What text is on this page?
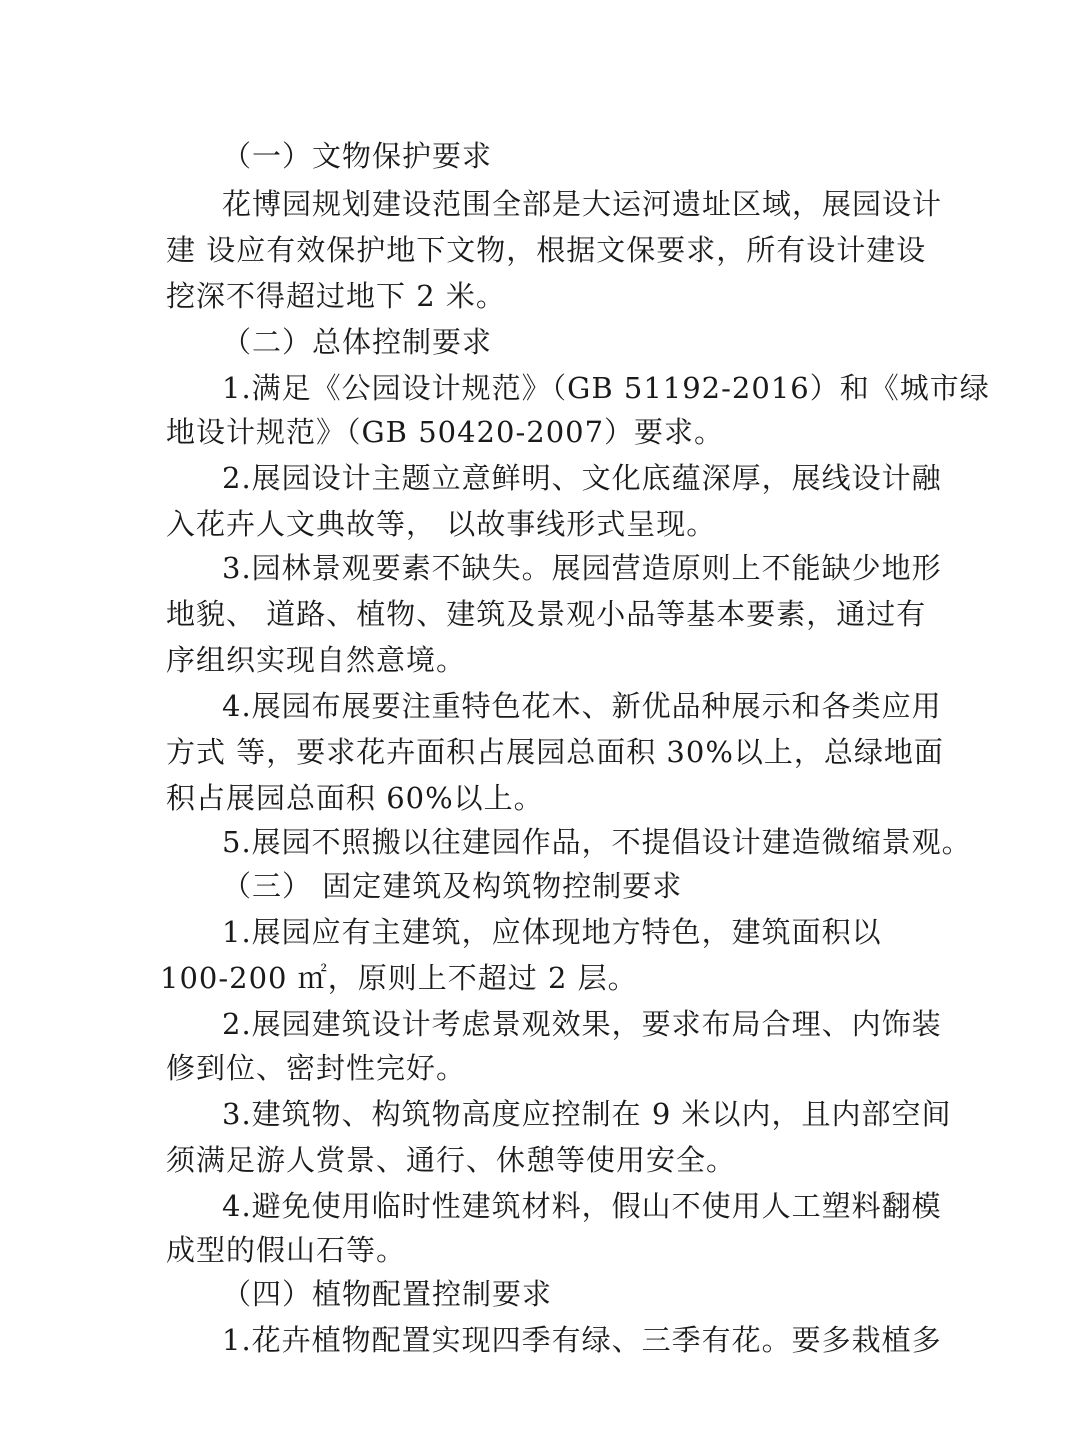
（一）文物保护要求
花博园规划建设范围全部是大运河遗址区域，展园设计
建 设应有效保护地下文物，根据文保要求，所有设计建设
挖深不得超过地下 2 米。
（二）总体控制要求
1.满足《公园设计规范》（GB 51192-2016）和《城市绿
地设计规范》（GB 50420-2007）要求。
2.展园设计主题立意鲜明、文化底蕴深厚，展线设计融
入花卉人文典故等， 以故事线形式呈现。
3.园林景观要素不缺失。展园营造原则上不能缺少地形
地貌、 道路、植物、建筑及景观小品等基本要素，通过有
序组织实现自然意境。
4.展园布展要注重特色花木、新优品种展示和各类应用
方式 等，要求花卉面积占展园总面积 30%以上，总绿地面
积占展园总面积 60%以上。
5.展园不照搬以往建园作品，不提倡设计建造微缩景观。
（三） 固定建筑及构筑物控制要求
1.展园应有主建筑，应体现地方特色，建筑面积以
100-200 ㎡，原则上不超过 2 层。
2.展园建筑设计考虑景观效果，要求布局合理、内饰装
修到位、密封性完好。
3.建筑物、构筑物高度应控制在 9 米以内，且内部空间
须满足游人赏景、通行、休憩等使用安全。
4.避免使用临时性建筑材料，假山不使用人工塑料翻模
成型的假山石等。
（四）植物配置控制要求
1.花卉植物配置实现四季有绿、三季有花。要多栽植多
